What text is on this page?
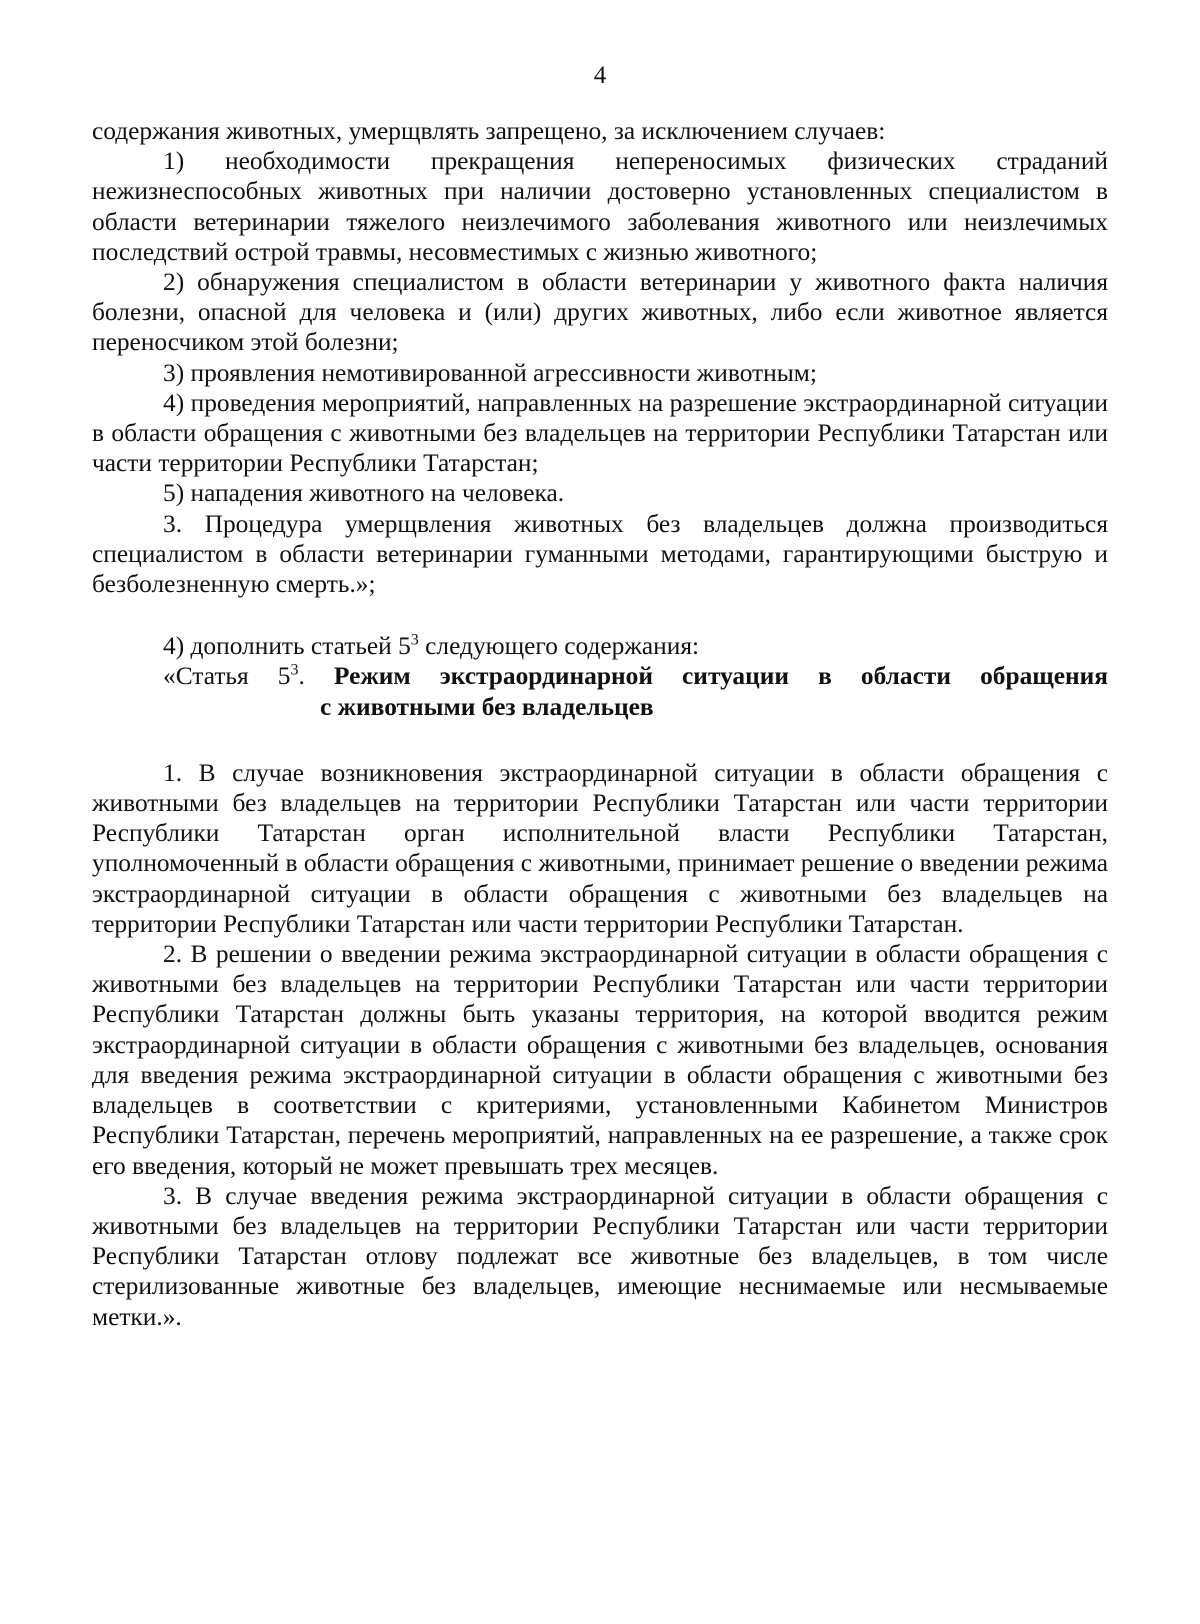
4

содержания животных, умерщвлять запрещено, за исключением случаев:

1) необходимости прекращения непереносимых физических страданий нежизнеспособных животных при наличии достоверно установленных специалистом в области ветеринарии тяжелого неизлечимого заболевания животного или неизлечимых последствий острой травмы, несовместимых с жизнью животного;

2) обнаружения специалистом в области ветеринарии у животного факта наличия болезни, опасной для человека и (или) других животных, либо если животное является переносчиком этой болезни;

3) проявления немотивированной агрессивности животным;

4) проведения мероприятий, направленных на разрешение экстраординарной ситуации в области обращения с животными без владельцев на территории Республики Татарстан или части территории Республики Татарстан;

5) нападения животного на человека.

3. Процедура умерщвления животных без владельцев должна производиться специалистом в области ветеринарии гуманными методами, гарантирующими быструю и безболезненную смерть.»;

4) дополнить статьей $5^3$ следующего содержания:

«Статья $5^3$. Режим экстраординарной ситуации в области обращения

с животными без владельцев

1. В случае возникновения экстраординарной ситуации в области обращения с животными без владельцев на территории Республики Татарстан или части территории Республики Татарстан орган исполнительной власти Республики Татарстан, уполномоченный в области обращения с животными, принимает решение о введении режима экстраординарной ситуации в области обращения с животными без владельцев на территории Республики Татарстан или части территории Республики Татарстан.

2. В решении о введении режима экстраординарной ситуации в области обращения с животными без владельцев на территории Республики Татарстан или части территории Республики Татарстан должны быть указаны территория, на которой вводится режим экстраординарной ситуации в области обращения с животными без владельцев, основания для введения режима экстраординарной ситуации в области обращения с животными без владельцев в соответствии с критериями, установленными Кабинетом Министров Республики Татарстан, перечень мероприятий, направленных на ее разрешение, а также срок его введения, который не может превышать трех месяцев.

3. В случае введения режима экстраординарной ситуации в области обращения с животными без владельцев на территории Республики Татарстан или части территории Республики Татарстан отлову подлежат все животные без владельцев, в том числе стерилизованные животные без владельцев, имеющие неснимаемые или несмываемые метки.».
